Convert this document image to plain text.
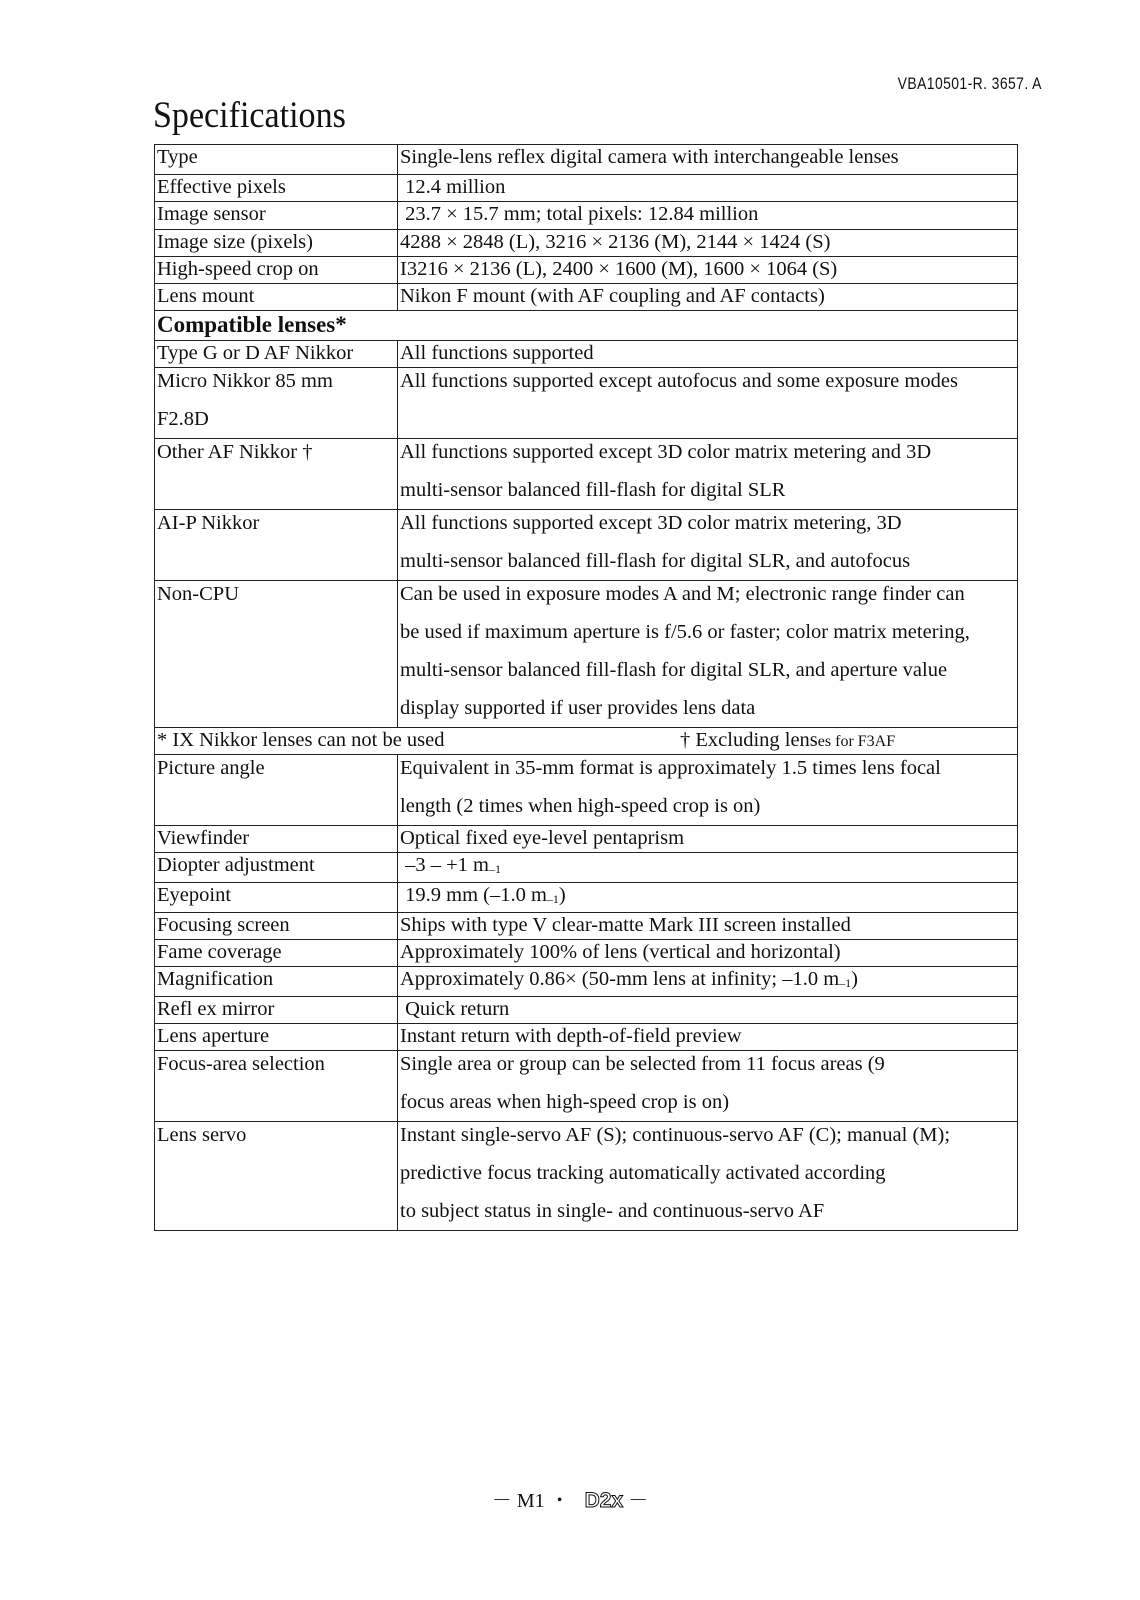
VBA10501-R. 3657. A
Specifications
Type	Single-lens reflex digital camera with interchangeable lenses

Effective pixels	12.4 million

Image sensor	23.7 × 15.7 mm; total pixels: 12.84 million

Image size (pixels)	4288 × 2848 (L), 3216 × 2136 (M), 2144 × 1424 (S)

High-speed crop on	I3216 × 2136 (L), 2400 × 1600 (M), 1600 × 1064 (S)

Lens mount	Nikon F mount (with AF coupling and AF contacts)

Compatible lenses*	

Type G or D AF Nikkor	All functions supported

Micro Nikkor 85 mm
F2.8D	All functions supported except autofocus and some exposure modes

Other AF Nikkor †	All functions supported except 3D color matrix metering and 3D
multi-sensor balanced fill-flash for digital SLR

AI-P Nikkor	All functions supported except 3D color matrix metering, 3D
multi-sensor balanced fill-flash for digital SLR, and autofocus

Non-CPU	Can be used in exposure modes A and M; electronic range finder can
be used if maximum aperture is f/5.6 or faster; color matrix metering,
multi-sensor balanced fill-flash for digital SLR, and aperture value
display supported if user provides lens data

* IX Nikkor lenses can not be used † Excluding lenses for F3AF	

Picture angle	Equivalent in 35-mm format is approximately 1.5 times lens focal
length (2 times when high-speed crop is on)

Viewfinder	Optical fixed eye-level pentaprism

Diopter adjustment	–3 – +1 m–1

Eyepoint	19.9 mm (–1.0 m–1)

Focusing screen	Ships with type V clear-matte Mark III screen installed

Fame coverage	Approximately 100% of lens (vertical and horizontal)

Magnification	Approximately 0.86× (50-mm lens at infinity; –1.0 m–1)

Refl ex mirror	Quick return

Lens aperture	Instant return with depth-of-field preview

Focus-area selection	Single area or group can be selected from 11 focus areas (9
focus areas when high-speed crop is on)

Lens servo	Instant single-servo AF (S); continuous-servo AF (C); manual (M);
predictive focus tracking automatically activated according
to subject status in single- and continuous-servo AF
－ M1 ・ D2x －
